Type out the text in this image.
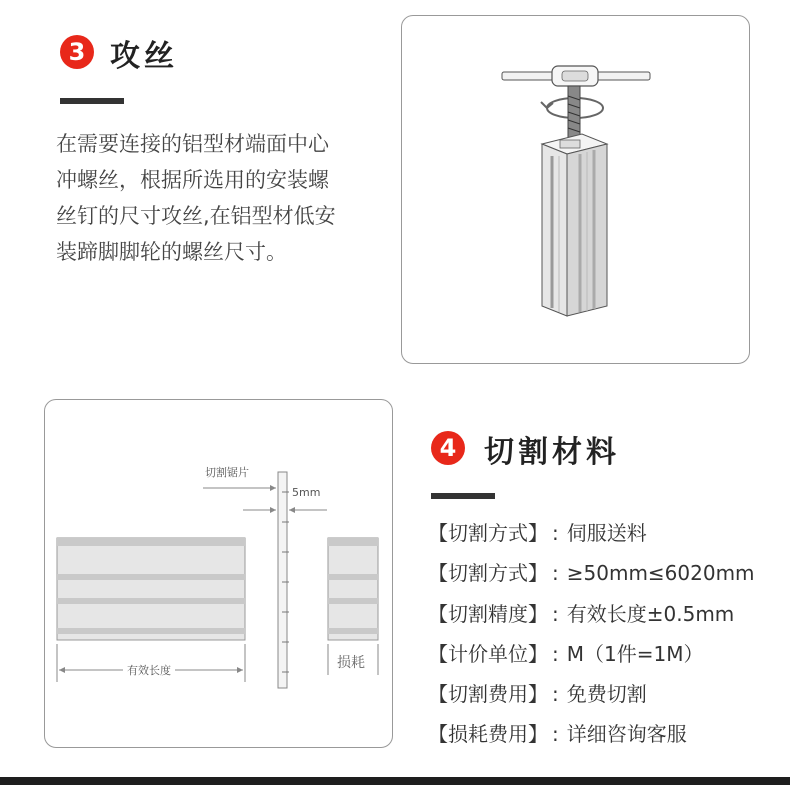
3 攻丝
在需要连接的铝型材端面中心
冲螺丝，根据所选用的安装螺
丝钉的尺寸攻丝,在铝型材低安
装蹄脚脚轮的螺丝尺寸。
切割锯片
5mm
有效长度	损耗
4 切割材料
【切割方式】 : 伺服送料
【切割方式】 : ≥50mm≤6020mm
【切割精度】 : 有效长度±0.5mm
【计价单位】 : M（1件=1M）
【切割费用】 : 免费切割
【损耗费用】 : 详细咨询客服
